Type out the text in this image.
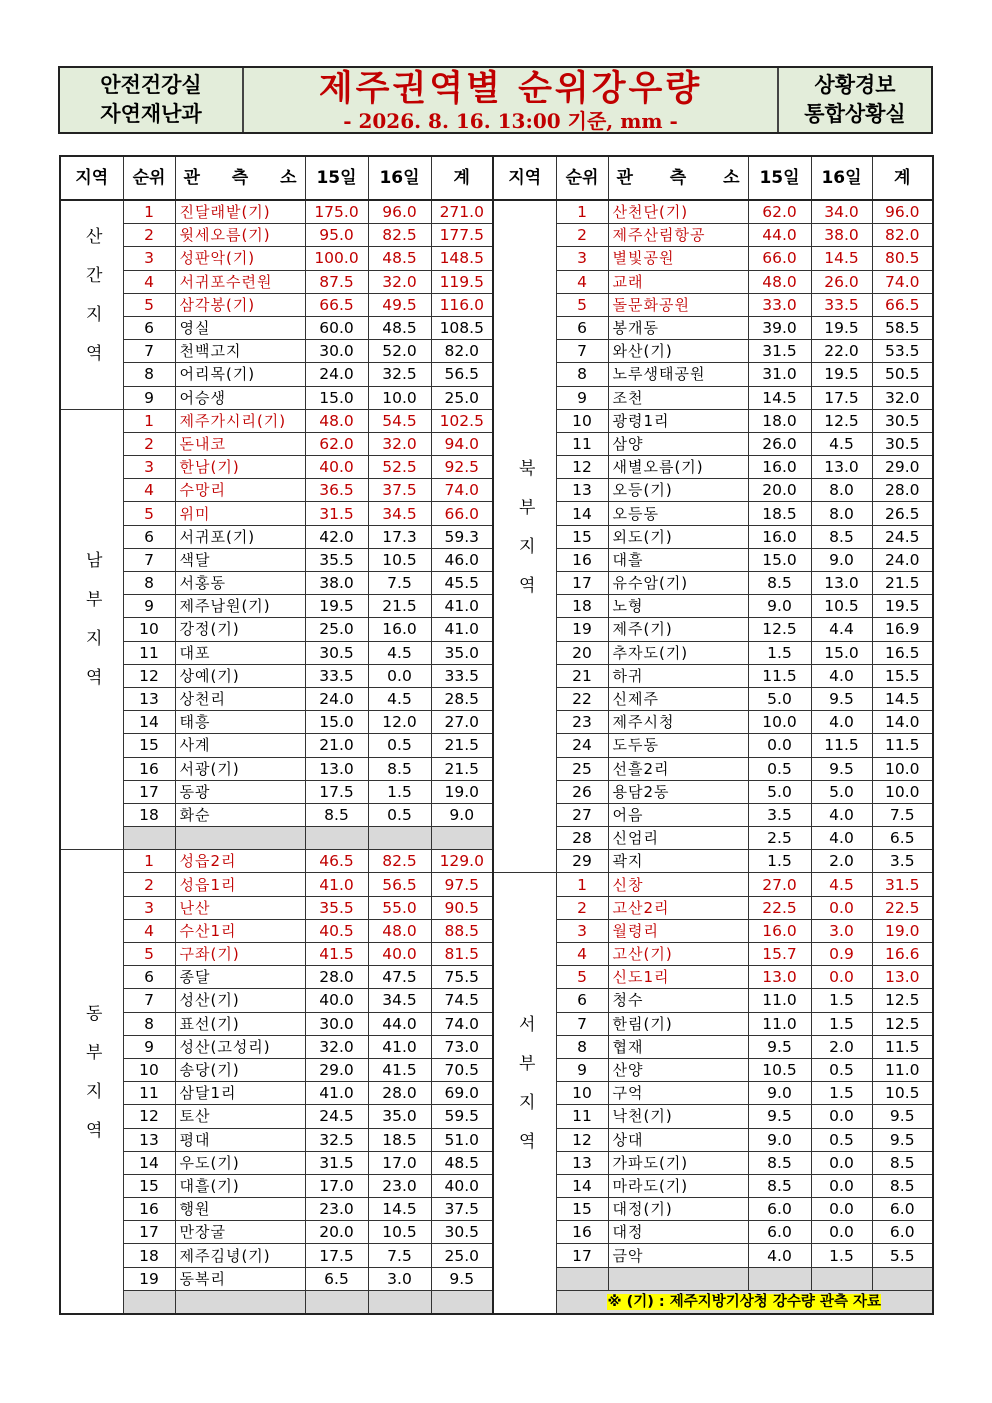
안전건강실
자연재난과
제주권역별 순위강우량
- 2026. 8. 16. 13:00 기준, mm -
상황경보
통합상황실
지역	순위	관 측 소	15일	16일	계	지역	순위	관 측 소	15일	16일	계
산간지역	1	진달래밭(기)	175.0	96.0	271.0	북부지역	1	산천단(기)	62.0	34.0	96.0
	2	윗세오름(기)	95.0	82.5	177.5		2	제주산림항공	44.0	38.0	82.0
	3	성판악(기)	100.0	48.5	148.5		3	별빛공원	66.0	14.5	80.5
	4	서귀포수련원	87.5	32.0	119.5		4	교래	48.0	26.0	74.0
	5	삼각봉(기)	66.5	49.5	116.0		5	돌문화공원	33.0	33.5	66.5
	6	영실	60.0	48.5	108.5		6	봉개동	39.0	19.5	58.5
	7	천백고지	30.0	52.0	82.0		7	와산(기)	31.5	22.0	53.5
	8	어리목(기)	24.0	32.5	56.5		8	노루생태공원	31.0	19.5	50.5
	9	어승생	15.0	10.0	25.0		9	조천	14.5	17.5	32.0
남부지역	1	제주가시리(기)	48.0	54.5	102.5		10	광령1리	18.0	12.5	30.5
	2	돈내코	62.0	32.0	94.0		11	삼양	26.0	4.5	30.5
	3	한남(기)	40.0	52.5	92.5		12	새별오름(기)	16.0	13.0	29.0
	4	수망리	36.5	37.5	74.0		13	오등(기)	20.0	8.0	28.0
	5	위미	31.5	34.5	66.0		14	오등동	18.5	8.0	26.5
	6	서귀포(기)	42.0	17.3	59.3		15	외도(기)	16.0	8.5	24.5
	7	색달	35.5	10.5	46.0		16	대흘	15.0	9.0	24.0
	8	서홍동	38.0	7.5	45.5		17	유수암(기)	8.5	13.0	21.5
	9	제주남원(기)	19.5	21.5	41.0		18	노형	9.0	10.5	19.5
	10	강정(기)	25.0	16.0	41.0		19	제주(기)	12.5	4.4	16.9
	11	대포	30.5	4.5	35.0		20	추자도(기)	1.5	15.0	16.5
	12	상예(기)	33.5	0.0	33.5		21	하귀	11.5	4.0	15.5
	13	상천리	24.0	4.5	28.5		22	신제주	5.0	9.5	14.5
	14	태흥	15.0	12.0	27.0		23	제주시청	10.0	4.0	14.0
	15	사계	21.0	0.5	21.5		24	도두동	0.0	11.5	11.5
	16	서광(기)	13.0	8.5	21.5		25	선흘2리	0.5	9.5	10.0
	17	동광	17.5	1.5	19.0		26	용담2동	5.0	5.0	10.0
	18	화순	8.5	0.5	9.0		27	어음	3.5	4.0	7.5
							28	신엄리	2.5	4.0	6.5
동부지역	1	성읍2리	46.5	82.5	129.0		29	곽지	1.5	2.0	3.5
	2	성읍1리	41.0	56.5	97.5	서부지역	1	신창	27.0	4.5	31.5
	3	난산	35.5	55.0	90.5		2	고산2리	22.5	0.0	22.5
	4	수산1리	40.5	48.0	88.5		3	월령리	16.0	3.0	19.0
	5	구좌(기)	41.5	40.0	81.5		4	고산(기)	15.7	0.9	16.6
	6	종달	28.0	47.5	75.5		5	신도1리	13.0	0.0	13.0
	7	성산(기)	40.0	34.5	74.5		6	청수	11.0	1.5	12.5
	8	표선(기)	30.0	44.0	74.0		7	한림(기)	11.0	1.5	12.5
	9	성산(고성리)	32.0	41.0	73.0		8	협재	9.5	2.0	11.5
	10	송당(기)	29.0	41.5	70.5		9	산양	10.5	0.5	11.0
	11	삼달1리	41.0	28.0	69.0		10	구억	9.0	1.5	10.5
	12	토산	24.5	35.0	59.5		11	낙천(기)	9.5	0.0	9.5
	13	평대	32.5	18.5	51.0		12	상대	9.0	0.5	9.5
	14	우도(기)	31.5	17.0	48.5		13	가파도(기)	8.5	0.0	8.5
	15	대흘(기)	17.0	23.0	40.0		14	마라도(기)	8.5	0.0	8.5
	16	행원	23.0	14.5	37.5		15	대정(기)	6.0	0.0	6.0
	17	만장굴	20.0	10.5	30.5		16	대정	6.0	0.0	6.0
	18	제주김녕(기)	17.5	7.5	25.0		17	금악	4.0	1.5	5.5
	19	동복리	6.5	3.0	9.5						
							※ (기) : 제주지방기상청 강수량 관측 자료				
